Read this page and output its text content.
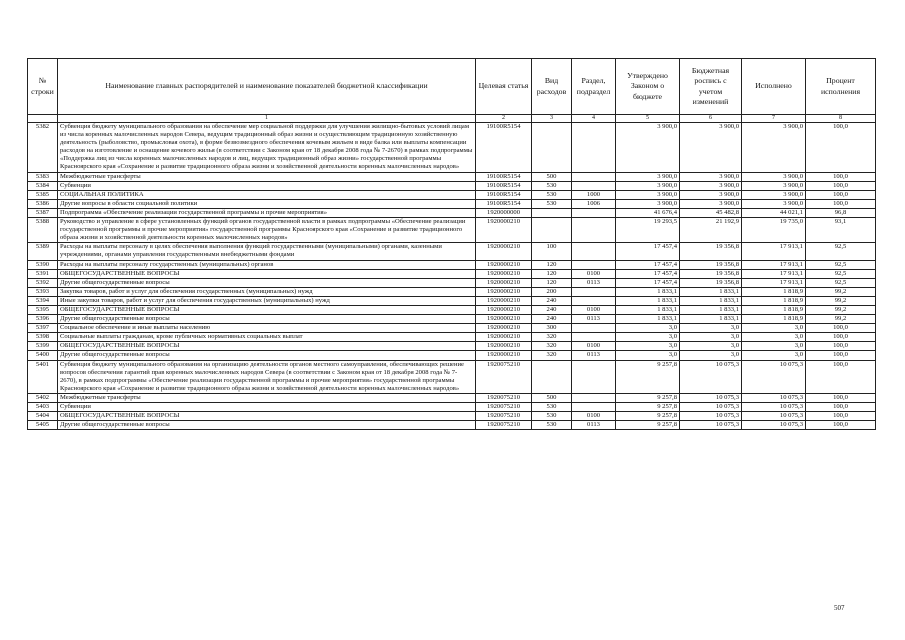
№ строки	Наименование главных распорядителей и наименование показателей бюджетной классификации	Целевая статья	Вид расходов	Раздел, подраздел	Утверждено Законом о бюджете	Бюджетная роспись с учетом изменений	Исполнено	Процент исполнения
	1	2	3	4	5	6	7	8
5382	Субвенция бюджету муниципального образования на обеспечение мер социальной поддержки для улучшения жилищно-бытовых условий лицам из числа коренных малочисленных народов Севера, ведущим традиционный образ жизни и осуществляющим традиционную хозяйственную деятельность (рыболовство, промысловая охота), в форме безвозмездного обеспечения кочевым жильем в виде балка или выплаты компенсации расходов на изготовление и оснащение кочевого жилья (в соответствии с Законом края от 18 декабря 2008 года № 7-2670) в рамках подпрограммы «Поддержка лиц из числа коренных малочисленных народов и лиц, ведущих традиционный образ жизни» государственной программы Красноярского края «Сохранение и развитие традиционного образа жизни и хозяйственной деятельности коренных малочисленных народов»	19100R5154			3 900,0	3 900,0	3 900,0	100,0
5383	Межбюджетные трансферты	19100R5154	500		3 900,0	3 900,0	3 900,0	100,0
5384	Субвенции	19100R5154	530		3 900,0	3 900,0	3 900,0	100,0
5385	СОЦИАЛЬНАЯ ПОЛИТИКА	19100R5154	530	1000	3 900,0	3 900,0	3 900,0	100,0
5386	Другие вопросы в области социальной политики	19100R5154	530	1006	3 900,0	3 900,0	3 900,0	100,0
5387	Подпрограмма «Обеспечение реализации государственной программы и прочие мероприятия»	1920000000			41 676,4	45 482,8	44 021,1	96,8
5388	Руководство и управление в сфере установленных функций органов государственной власти в рамках подпрограммы «Обеспечение реализации государственной программы и прочие мероприятия» государственной программы Красноярского края «Сохранение и развитие традиционного образа жизни и хозяйственной деятельности коренных малочисленных народов»	1920000210			19 293,5	21 192,9	19 735,0	93,1
5389	Расходы на выплаты персоналу в целях обеспечения выполнения функций государственными (муниципальными) органами, казенными учреждениями, органами управления государственными внебюджетными фондами	1920000210	100		17 457,4	19 356,8	17 913,1	92,5
5390	Расходы на выплаты персоналу государственных (муниципальных) органов	1920000210	120		17 457,4	19 356,8	17 913,1	92,5
5391	ОБЩЕГОСУДАРСТВЕННЫЕ ВОПРОСЫ	1920000210	120	0100	17 457,4	19 356,8	17 913,1	92,5
5392	Другие общегосударственные вопросы	1920000210	120	0113	17 457,4	19 356,8	17 913,1	92,5
5393	Закупка товаров, работ и услуг для обеспечения государственных (муниципальных) нужд	1920000210	200		1 833,1	1 833,1	1 818,9	99,2
5394	Иные закупки товаров, работ и услуг для обеспечения государственных (муниципальных) нужд	1920000210	240		1 833,1	1 833,1	1 818,9	99,2
5395	ОБЩЕГОСУДАРСТВЕННЫЕ ВОПРОСЫ	1920000210	240	0100	1 833,1	1 833,1	1 818,9	99,2
5396	Другие общегосударственные вопросы	1920000210	240	0113	1 833,1	1 833,1	1 818,9	99,2
5397	Социальное обеспечение и иные выплаты населению	1920000210	300		3,0	3,0	3,0	100,0
5398	Социальные выплаты гражданам, кроме публичных нормативных социальных выплат	1920000210	320		3,0	3,0	3,0	100,0
5399	ОБЩЕГОСУДАРСТВЕННЫЕ ВОПРОСЫ	1920000210	320	0100	3,0	3,0	3,0	100,0
5400	Другие общегосударственные вопросы	1920000210	320	0113	3,0	3,0	3,0	100,0
5401	Субвенция бюджету муниципального образования на организацию деятельности органов местного самоуправления, обеспечивающих решение вопросов обеспечения гарантий прав коренных малочисленных народов Севера (в соответствии с Законом края от 18 декабря 2008 года № 7-2670), в рамках подпрограммы «Обеспечение реализации государственной программы и прочие мероприятия» государственной программы Красноярского края «Сохранение и развитие традиционного образа жизни и хозяйственной деятельности коренных малочисленных народов»	1920075210			9 257,8	10 075,3	10 075,3	100,0
5402	Межбюджетные трансферты	1920075210	500		9 257,8	10 075,3	10 075,3	100,0
5403	Субвенции	1920075210	530		9 257,8	10 075,3	10 075,3	100,0
5404	ОБЩЕГОСУДАРСТВЕННЫЕ ВОПРОСЫ	1920075210	530	0100	9 257,8	10 075,3	10 075,3	100,0
5405	Другие общегосударственные вопросы	1920075210	530	0113	9 257,8	10 075,3	10 075,3	100,0
507
